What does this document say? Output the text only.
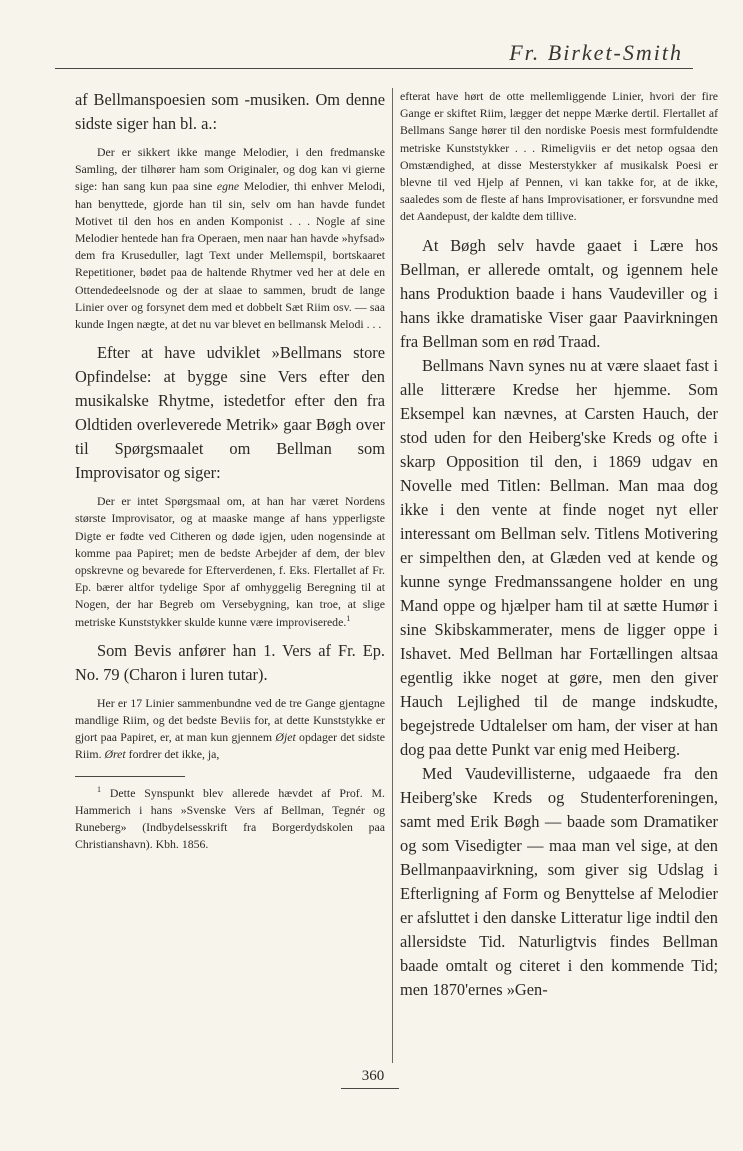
Fr. Birket-Smith

af Bellmanspoesien som -musiken. Om denne sidste siger han bl. a.:

Der er sikkert ikke mange Melodier, i den fredmanske Samling, der tilhører ham som Originaler, og dog kan vi gierne sige: han sang kun paa sine egne Melodier, thi enhver Melodi, han benyttede, gjorde han til sin, selv om han havde fundet Motivet til den hos en anden Komponist . . . Nogle af sine Melodier hentede han fra Operaen, men naar han havde »hyfsad» dem fra Kruseduller, lagt Text under Mellemspil, bortskaaret Repetitioner, bødet paa de haltende Rhytmer ved her at dele en Ottendedeelsnode og der at slaae to sammen, brudt de lange Linier over og forsynet dem med et dobbelt Sæt Riim osv. — saa kunde Ingen nægte, at det nu var blevet en bellmansk Melodi . . .

Efter at have udviklet »Bellmans store Opfindelse: at bygge sine Vers efter den musikalske Rhytme, istedetfor efter den fra Oldtiden overleverede Metrik» gaar Bøgh over til Spørgsmaalet om Bellman som Improvisator og siger:

Der er intet Spørgsmaal om, at han har været Nordens største Improvisator, og at maaske mange af hans ypperligste Digte er fødte ved Citheren og døde igjen, uden nogensinde at komme paa Papiret; men de bedste Arbejder af dem, der blev opskrevne og bevarede for Efterverdenen, f. Eks. Flertallet af Fr. Ep. bærer altfor tydelige Spor af omhyggelig Beregning til at Nogen, der har Begreb om Versebygning, kan troe, at slige metriske Kunststykker skulde kunne være improviserede.$^1$

Som Bevis anfører han 1. Vers af Fr. Ep. No. 79 (Charon i luren tutar).

Her er 17 Linier sammenbundne ved de tre Gange gjentagne mandlige Riim, og det bedste Beviis for, at dette Kunststykke er gjort paa Papiret, er, at man kun gjennem Øjet opdager det sidste Riim. Øret fordrer det ikke, ja,

$^1$ Dette Synspunkt blev allerede hævdet af Prof. M. Hammerich i hans »Svenske Vers af Bellman, Tegnér og Runeberg» (Indbydelsesskrift fra Borgerdydskolen paa Christianshavn). Kbh. 1856.

efterat have hørt de otte mellemliggende Linier, hvori der fire Gange er skiftet Riim, lægger det neppe Mærke dertil. Flertallet af Bellmans Sange hører til den nordiske Poesis mest formfuldendte metriske Kunststykker . . . Rimeligviis er det netop ogsaa den Omstændighed, at disse Mesterstykker af musikalsk Poesi er blevne til ved Hjelp af Pennen, vi kan takke for, at de ikke, saaledes som de fleste af hans Improvisationer, er forsvundne med det Aandepust, der kaldte dem tillive.

At Bøgh selv havde gaaet i Lære hos Bellman, er allerede omtalt, og igennem hele hans Produktion baade i hans Vaudeviller og i hans ikke dramatiske Viser gaar Paavirkningen fra Bellman som en rød Traad.

Bellmans Navn synes nu at være slaaet fast i alle litterære Kredse her hjemme. Som Eksempel kan nævnes, at Carsten Hauch, der stod uden for den Heiberg'ske Kreds og ofte i skarp Opposition til den, i 1869 udgav en Novelle med Titlen: Bellman. Man maa dog ikke i den vente at finde noget nyt eller interessant om Bellman selv. Titlens Motivering er simpelthen den, at Glæden ved at kende og kunne synge Fredmanssangene holder en ung Mand oppe og hjælper ham til at sætte Humør i sine Skibskammerater, mens de ligger oppe i Ishavet. Med Bellman har Fortællingen altsaa egentlig ikke noget at gøre, men den giver Hauch Lejlighed til de mange indskudte, begejstrede Udtalelser om ham, der viser at han dog paa dette Punkt var enig med Heiberg.

Med Vaudevillisterne, udgaaede fra den Heiberg'ske Kreds og Studenterforeningen, samt med Erik Bøgh — baade som Dramatiker og som Visedigter — maa man vel sige, at den Bellmanpaavirkning, som giver sig Udslag i Efterligning af Form og Benyttelse af Melodier er afsluttet i den danske Litteratur lige indtil den allersidste Tid. Naturligtvis findes Bellman baade omtalt og citeret i den kommende Tid; men 1870'ernes »Gen-

360
